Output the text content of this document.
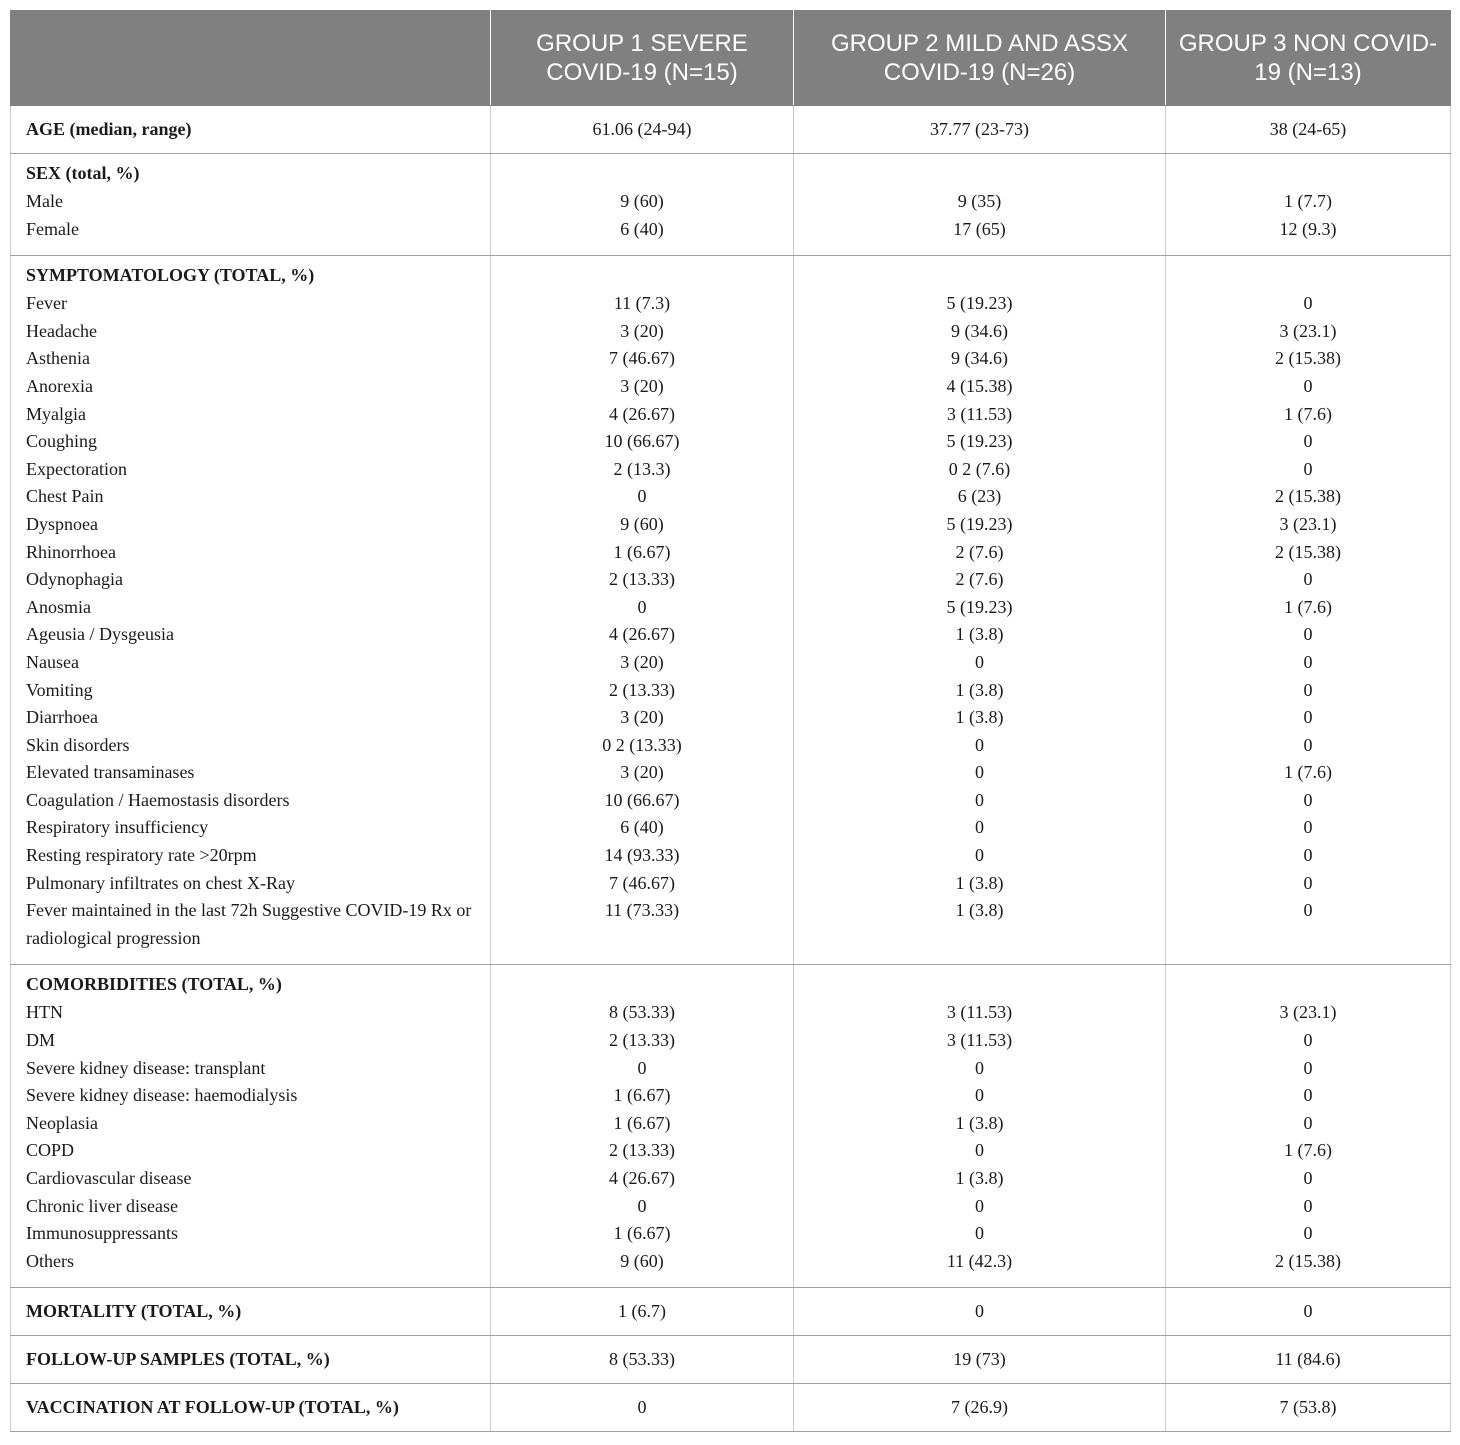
	GROUP 1 SEVERE COVID-19 (N=15)	GROUP 2 MILD AND ASSX COVID-19 (N=26)	GROUP 3 NON COVID-19 (N=13)
AGE (median, range)	61.06 (24-94)	37.77 (23-73)	38 (24-65)
SEX (total, %)			
Male	9 (60)	9 (35)	1 (7.7)
Female	6 (40)	17 (65)	12 (9.3)
SYMPTOMATOLOGY (TOTAL, %)			
Fever	11 (7.3)	5 (19.23)	0
Headache	3 (20)	9 (34.6)	3 (23.1)
Asthenia	7 (46.67)	9 (34.6)	2 (15.38)
Anorexia	3 (20)	4 (15.38)	0
Myalgia	4 (26.67)	3 (11.53)	1 (7.6)
Coughing	10 (66.67)	5 (19.23)	0
Expectoration	2 (13.3)	0 2 (7.6)	0
Chest Pain	0	6 (23)	2 (15.38)
Dyspnoea	9 (60)	5 (19.23)	3 (23.1)
Rhinorrhoea	1 (6.67)	2 (7.6)	2 (15.38)
Odynophagia	2 (13.33)	2 (7.6)	0
Anosmia	0	5 (19.23)	1 (7.6)
Ageusia / Dysgeusia	4 (26.67)	1 (3.8)	0
Nausea	3 (20)	0	0
Vomiting	2 (13.33)	1 (3.8)	0
Diarrhoea	3 (20)	1 (3.8)	0
Skin disorders	0 2 (13.33)	0	0
Elevated transaminases	3 (20)	0	1 (7.6)
Coagulation / Haemostasis disorders	10 (66.67)	0	0
Respiratory insufficiency	6 (40)	0	0
Resting respiratory rate >20rpm	14 (93.33)	0	0
Pulmonary infiltrates on chest X-Ray	7 (46.67)	1 (3.8)	0
Fever maintained in the last 72h Suggestive COVID-19 Rx or radiological progression	11 (73.33)	1 (3.8)	0
COMORBIDITIES (TOTAL, %)			
HTN	8 (53.33)	3 (11.53)	3 (23.1)
DM	2 (13.33)	3 (11.53)	0
Severe kidney disease: transplant	0	0	0
Severe kidney disease: haemodialysis	1 (6.67)	0	0
Neoplasia	1 (6.67)	1 (3.8)	0
COPD	2 (13.33)	0	1 (7.6)
Cardiovascular disease	4 (26.67)	1 (3.8)	0
Chronic liver disease	0	0	0
Immunosuppressants	1 (6.67)	0	0
Others	9 (60)	11 (42.3)	2 (15.38)
MORTALITY (TOTAL, %)	1 (6.7)	0	0
FOLLOW-UP SAMPLES (TOTAL, %)	8 (53.33)	19 (73)	11 (84.6)
VACCINATION AT FOLLOW-UP (TOTAL, %)	0	7 (26.9)	7 (53.8)
